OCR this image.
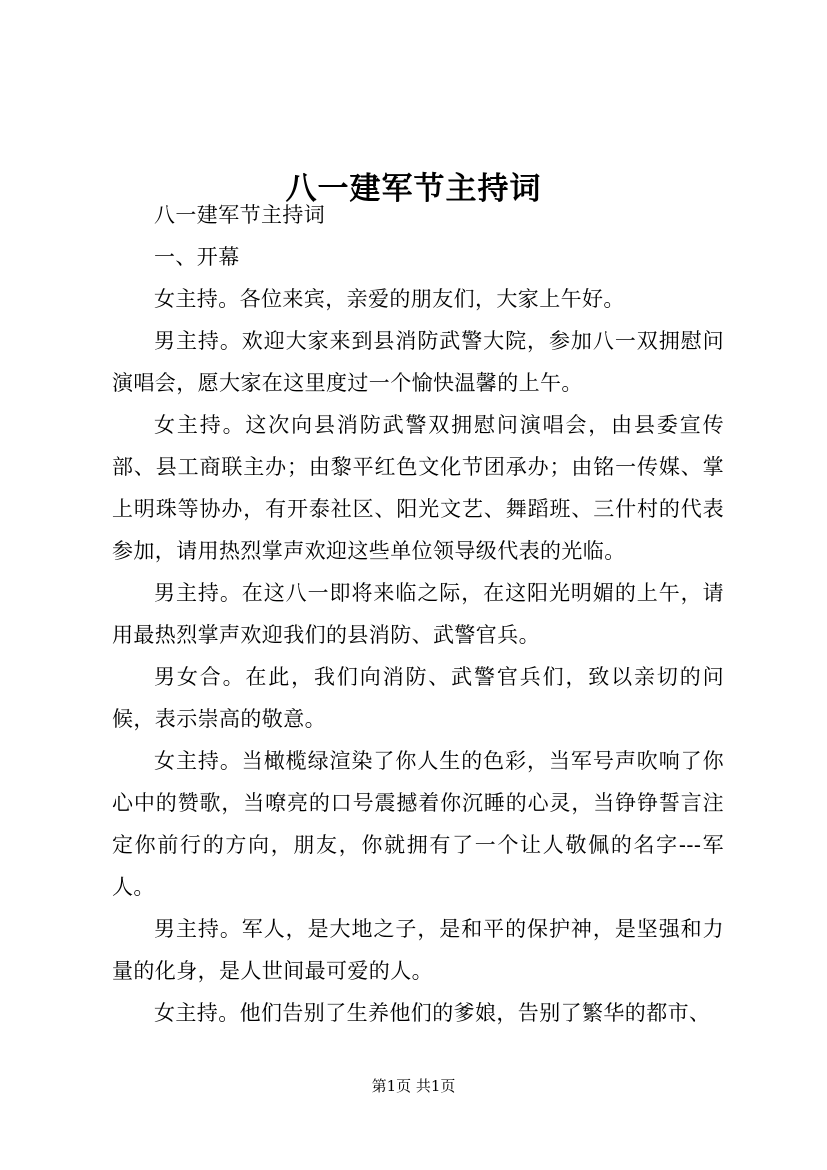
八一建军节主持词

八一建军节主持词

一、开幕

女主持。各位来宾，亲爱的朋友们，大家上午好。

男主持。欢迎大家来到县消防武警大院，参加八一双拥慰问演唱会，愿大家在这里度过一个愉快温馨的上午。

女主持。这次向县消防武警双拥慰问演唱会，由县委宣传部、县工商联主办；由黎平红色文化节团承办；由铭一传媒、掌上明珠等协办，有开泰社区、阳光文艺、舞蹈班、三什村的代表参加，请用热烈掌声欢迎这些单位领导级代表的光临。

男主持。在这八一即将来临之际，在这阳光明媚的上午，请用最热烈掌声欢迎我们的县消防、武警官兵。

男女合。在此，我们向消防、武警官兵们，致以亲切的问候，表示崇高的敬意。

女主持。当橄榄绿渲染了你人生的色彩，当军号声吹响了你心中的赞歌，当嘹亮的口号震撼着你沉睡的心灵，当铮铮誓言注定你前行的方向，朋友，你就拥有了一个让人敬佩的名字---军人。

男主持。军人，是大地之子，是和平的保护神，是坚强和力量的化身，是人世间最可爱的人。

女主持。他们告别了生养他们的爹娘，告别了繁华的都市、

第1页 共1页
